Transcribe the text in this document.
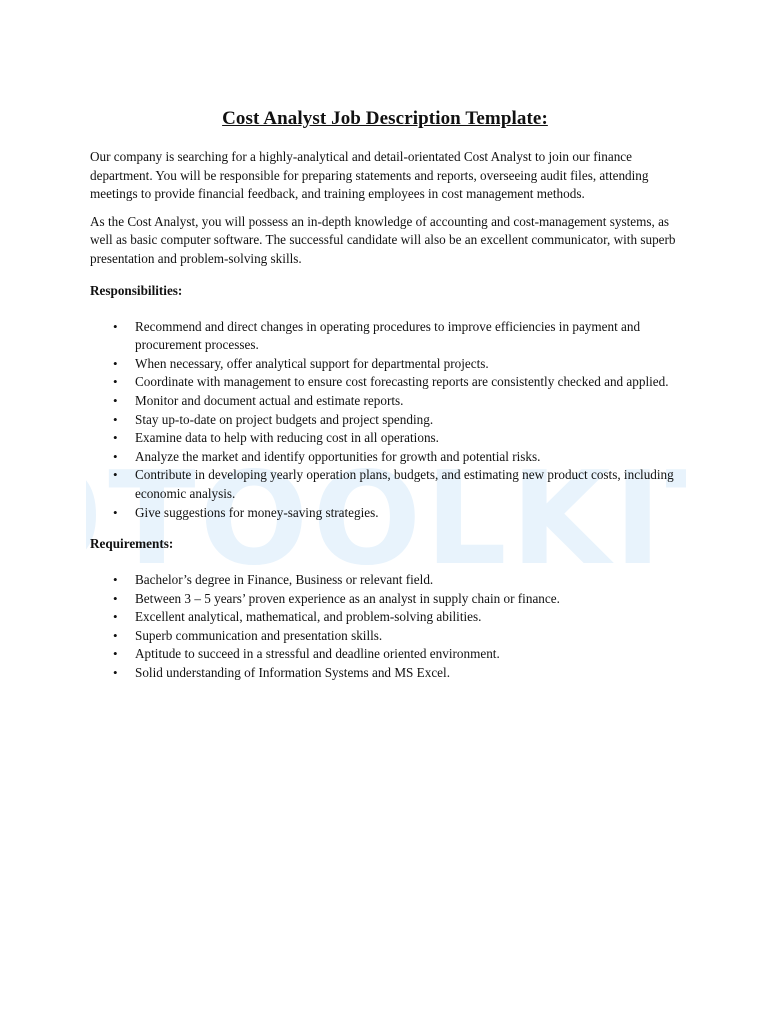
TOOLKI
Cost Analyst Job Description Template:

Our company is searching for a highly-analytical and detail-orientated Cost Analyst to join our finance department. You will be responsible for preparing statements and reports, overseeing audit files, attending meetings to provide financial feedback, and training employees in cost management methods.

As the Cost Analyst, you will possess an in-depth knowledge of accounting and cost-management systems, as well as basic computer software. The successful candidate will also be an excellent communicator, with superb presentation and problem-solving skills.

Responsibilities:
• Recommend and direct changes in operating procedures to improve efficiencies in payment and procurement processes.
• When necessary, offer analytical support for departmental projects.
• Coordinate with management to ensure cost forecasting reports are consistently checked and applied.
• Monitor and document actual and estimate reports.
• Stay up-to-date on project budgets and project spending.
• Examine data to help with reducing cost in all operations.
• Analyze the market and identify opportunities for growth and potential risks.
• Contribute in developing yearly operation plans, budgets, and estimating new product costs, including economic analysis.
• Give suggestions for money-saving strategies.
Requirements:
• Bachelor’s degree in Finance, Business or relevant field.
• Between 3 – 5 years’ proven experience as an analyst in supply chain or finance.
• Excellent analytical, mathematical, and problem-solving abilities.
• Superb communication and presentation skills.
• Aptitude to succeed in a stressful and deadline oriented environment.
• Solid understanding of Information Systems and MS Excel.
